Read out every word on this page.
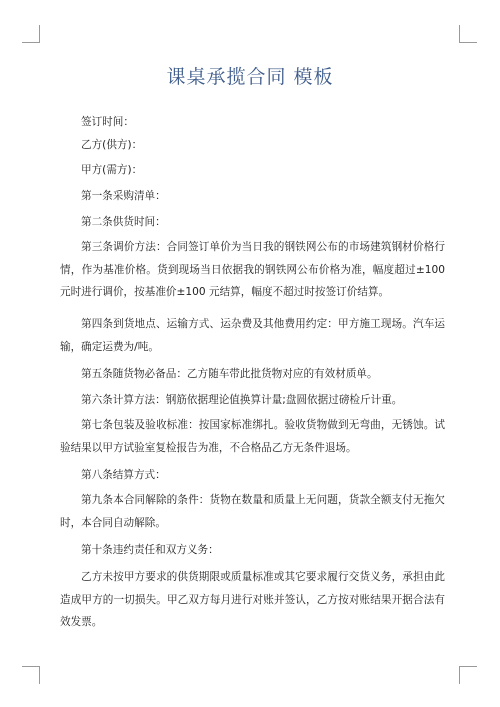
课桌承揽合同 模板
签订时间：
乙方(供方)：
甲方(需方)：
第一条采购清单：
第二条供货时间：
第三条调价方法：合同签订单价为当日我的钢铁网公布的市场建筑钢材价格行情，作为基准价格。货到现场当日依据我的钢铁网公布价格为准，幅度超过±100 元时进行调价，按基准价±100 元结算，幅度不超过时按签订价结算。
第四条到货地点、运输方式、运杂费及其他费用约定：甲方施工现场。汽车运输，确定运费为/吨。
第五条随货物必备品：乙方随车带此批货物对应的有效材质单。
第六条计算方法：钢筋依据理论值换算计量;盘圆依据过磅检斤计重。
第七条包装及验收标准：按国家标准绑扎。验收货物做到无弯曲，无锈蚀。试验结果以甲方试验室复检报告为准，不合格品乙方无条件退场。
第八条结算方式：
第九条本合同解除的条件：货物在数量和质量上无问题，货款全额支付无拖欠时，本合同自动解除。
第十条违约责任和双方义务：
乙方未按甲方要求的供货期限或质量标准或其它要求履行交货义务，承担由此造成甲方的一切损失。甲乙双方每月进行对账并签认，乙方按对账结果开据合法有效发票。
